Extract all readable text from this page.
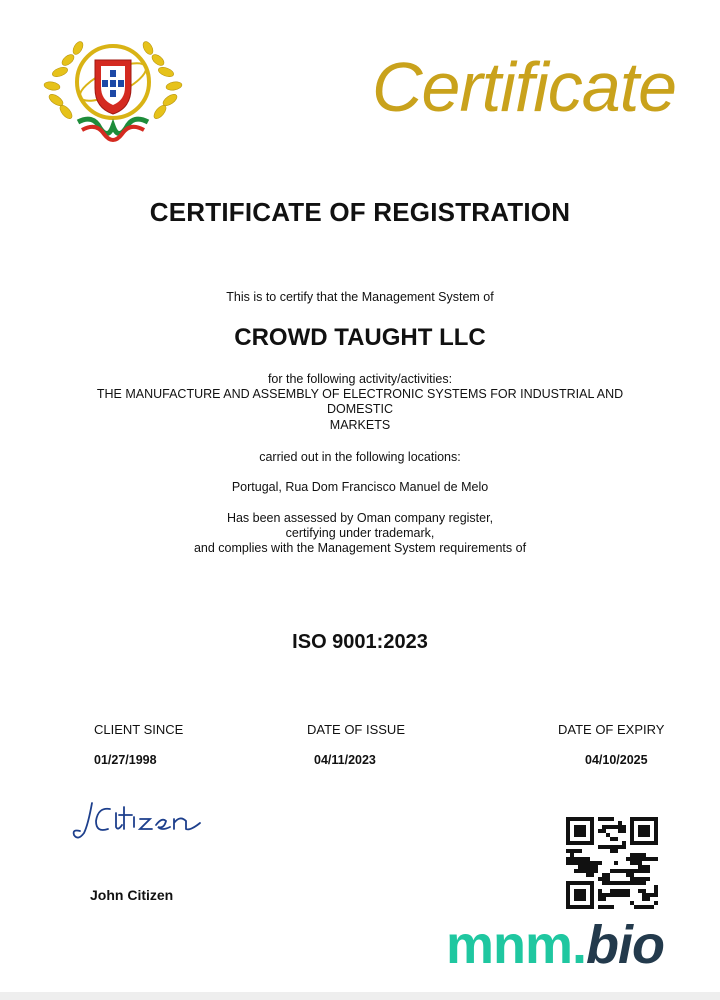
Certificate
CERTIFICATE OF REGISTRATION
This is to certify that the Management System of
CROWD TAUGHT LLC
for the following activity/activities:
THE MANUFACTURE AND ASSEMBLY OF ELECTRONIC SYSTEMS FOR INDUSTRIAL AND
DOMESTIC
MARKETS
carried out in the following locations:
Portugal, Rua Dom Francisco Manuel de Melo
Has been assessed by Oman company register,
certifying under trademark,
and complies with the Management System requirements of
ISO 9001:2023
CLIENT SINCE	DATE OF ISSUE	DATE OF EXPIRY
01/27/1998	04/11/2023	04/10/2025
John Citizen
mnm.bio
